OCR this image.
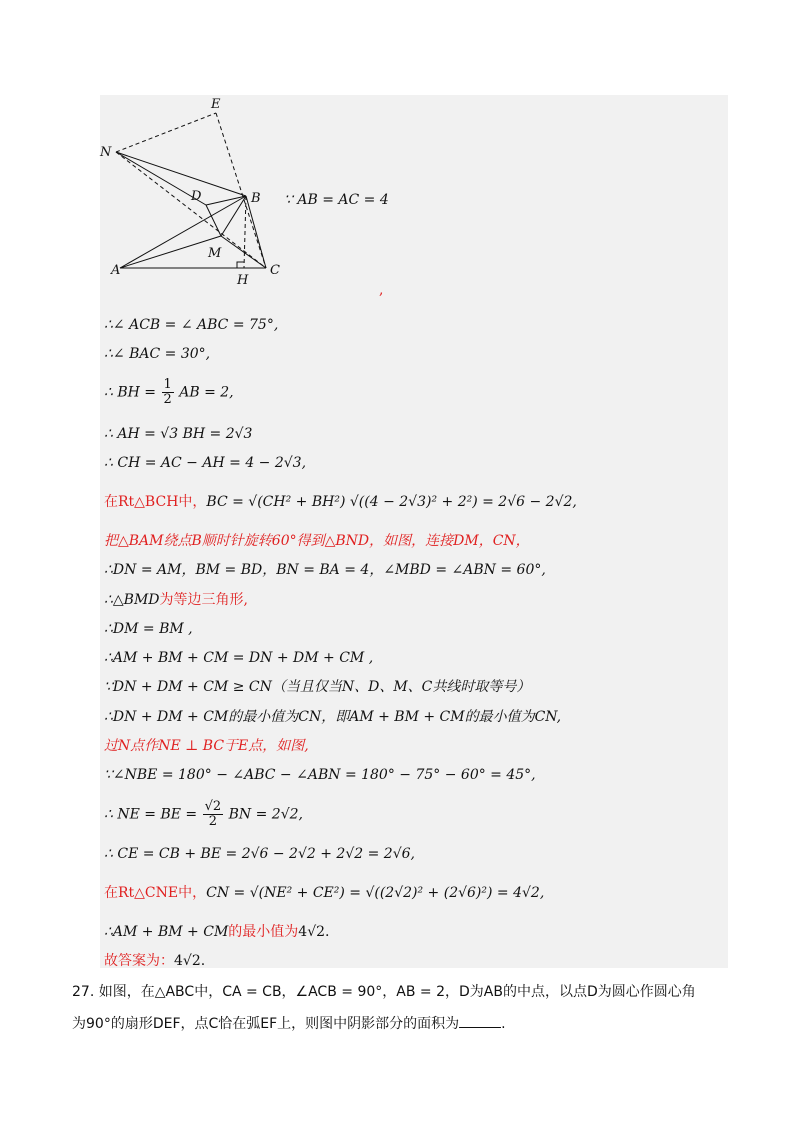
E
N
D	B
M
A
H
C
∵ AB = AC = 4
,
∴∠ ACB = ∠ ABC = 75°,
∴∠ BAC = 30°,
∴ BH = $\frac{1}{2}$ AB = 2,
∴ AH = √3 BH = 2√3
∴ CH = AC − AH = 4 − 2√3,
在Rt△BCH中，BC = √(CH² + BH²) √((4 − 2√3)² + 2²) = 2√6 − 2√2,
把△BAM绕点B顺时针旋转60°得到△BND，如图，连接DM，CN，
∴DN = AM，BM = BD，BN = BA = 4，∠MBD = ∠ABN = 60°,
∴△BMD为等边三角形,
∴DM = BM ,
∴AM + BM + CM = DN + DM + CM ,
∵DN + DM + CM ≥ CN（当且仅当N、D、M、C共线时取等号）
∴DN + DM + CM的最小值为CN，即AM + BM + CM的最小值为CN,
过N点作NE ⊥ BC于E点，如图,
∵∠NBE = 180° − ∠ABC − ∠ABN = 180° − 75° − 60° = 45°,
∴ NE = BE = $\frac{√2}{2}$ BN = 2√2,
∴ CE = CB + BE = 2√6 − 2√2 + 2√2 = 2√6,
在Rt△CNE中，CN = √(NE² + CE²) = √((2√2)² + (2√6)²) = 4√2,
∴AM + BM + CM的最小值为4√2.
故答案为：4√2.
27. 如图，在△ABC中，CA = CB，∠ACB = 90°，AB = 2，D为AB的中点，以点D为圆心作圆心角
为90°的扇形DEF，点C恰在弧EF上，则图中阴影部分的面积为	.
